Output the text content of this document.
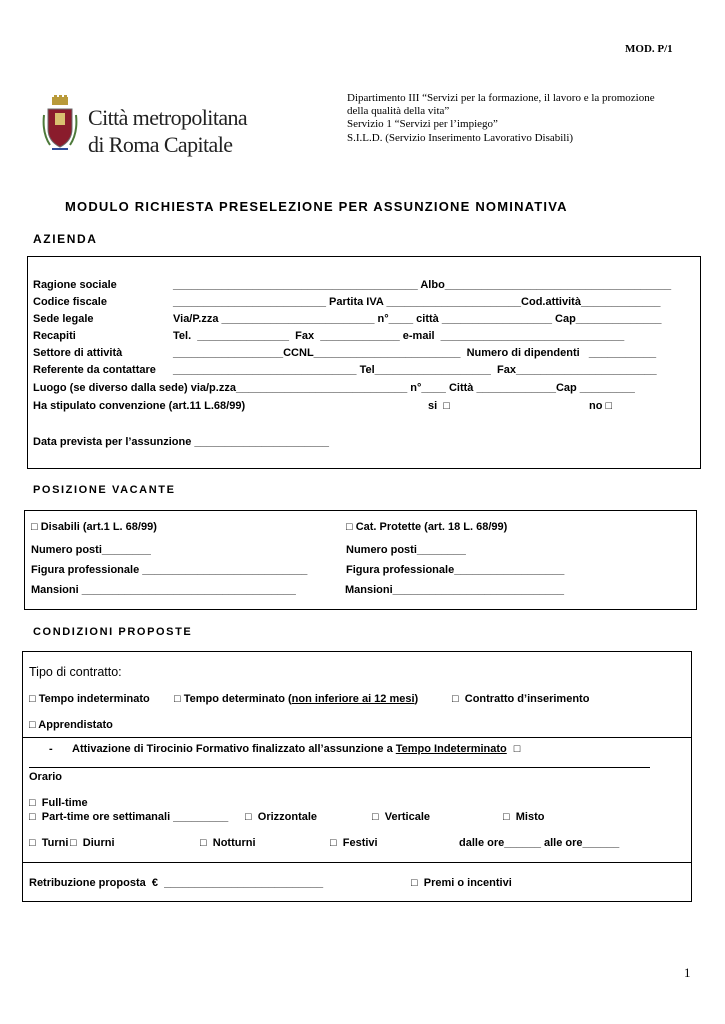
MOD. P/1
Città metropolitana
di Roma Capitale
Dipartimento III “Servizi per la formazione, il lavoro e la promozione
della qualità della vita”
Servizio 1 “Servizi per l’impiego”
S.I.L.D. (Servizio Inserimento Lavorativo Disabili)
MODULO RICHIESTA PRESELEZIONE PER ASSUNZIONE NOMINATIVA
AZIENDA
Ragione sociale	________________________________________ Albo_____________________________________
Codice fiscale	_________________________ Partita IVA ______________________Cod.attività_____________
Sede legale	Via/P.zza _________________________ n°____ città __________________ Cap______________
Recapiti	Tel.  _______________  Fax  _____________ e-mail  ______________________________
Settore di attività	__________________CCNL________________________  Numero di dipendenti   ___________
Referente da contattare ______________________________ Tel___________________  Fax_______________________
Luogo (se diverso dalla sede) via/p.zza____________________________ n°____ Città _____________Cap _________
Ha stipulato convenzione (art.11 L.68/99)	si  □	no □
Data prevista per l’assunzione ______________________
POSIZIONE VACANTE
□ Disabili (art.1 L. 68/99)
Numero posti________
Figura professionale ___________________________
Mansioni ___________________________________
□ Cat. Protette (art. 18 L. 68/99)
Numero posti________
Figura professionale__________________
Mansioni____________________________
CONDIZIONI PROPOSTE
Tipo di contratto:
□ Tempo indeterminato □ Tempo determinato (non inferiore ai 12 mesi)	□  Contratto d’inserimento
□ Apprendistato
- Attivazione di Tirocinio Formativo finalizzato all’assunzione a Tempo Indeterminato □
Orario
□  Full-time
□  Part-time ore settimanali _________ □  Orizzontale	□  Verticale	□  Misto
□  Turni □  Diurni	□  Notturni	□  Festivi	dalle ore______ alle ore______
Retribuzione proposta  €  __________________________	□  Premi o incentivi
1
